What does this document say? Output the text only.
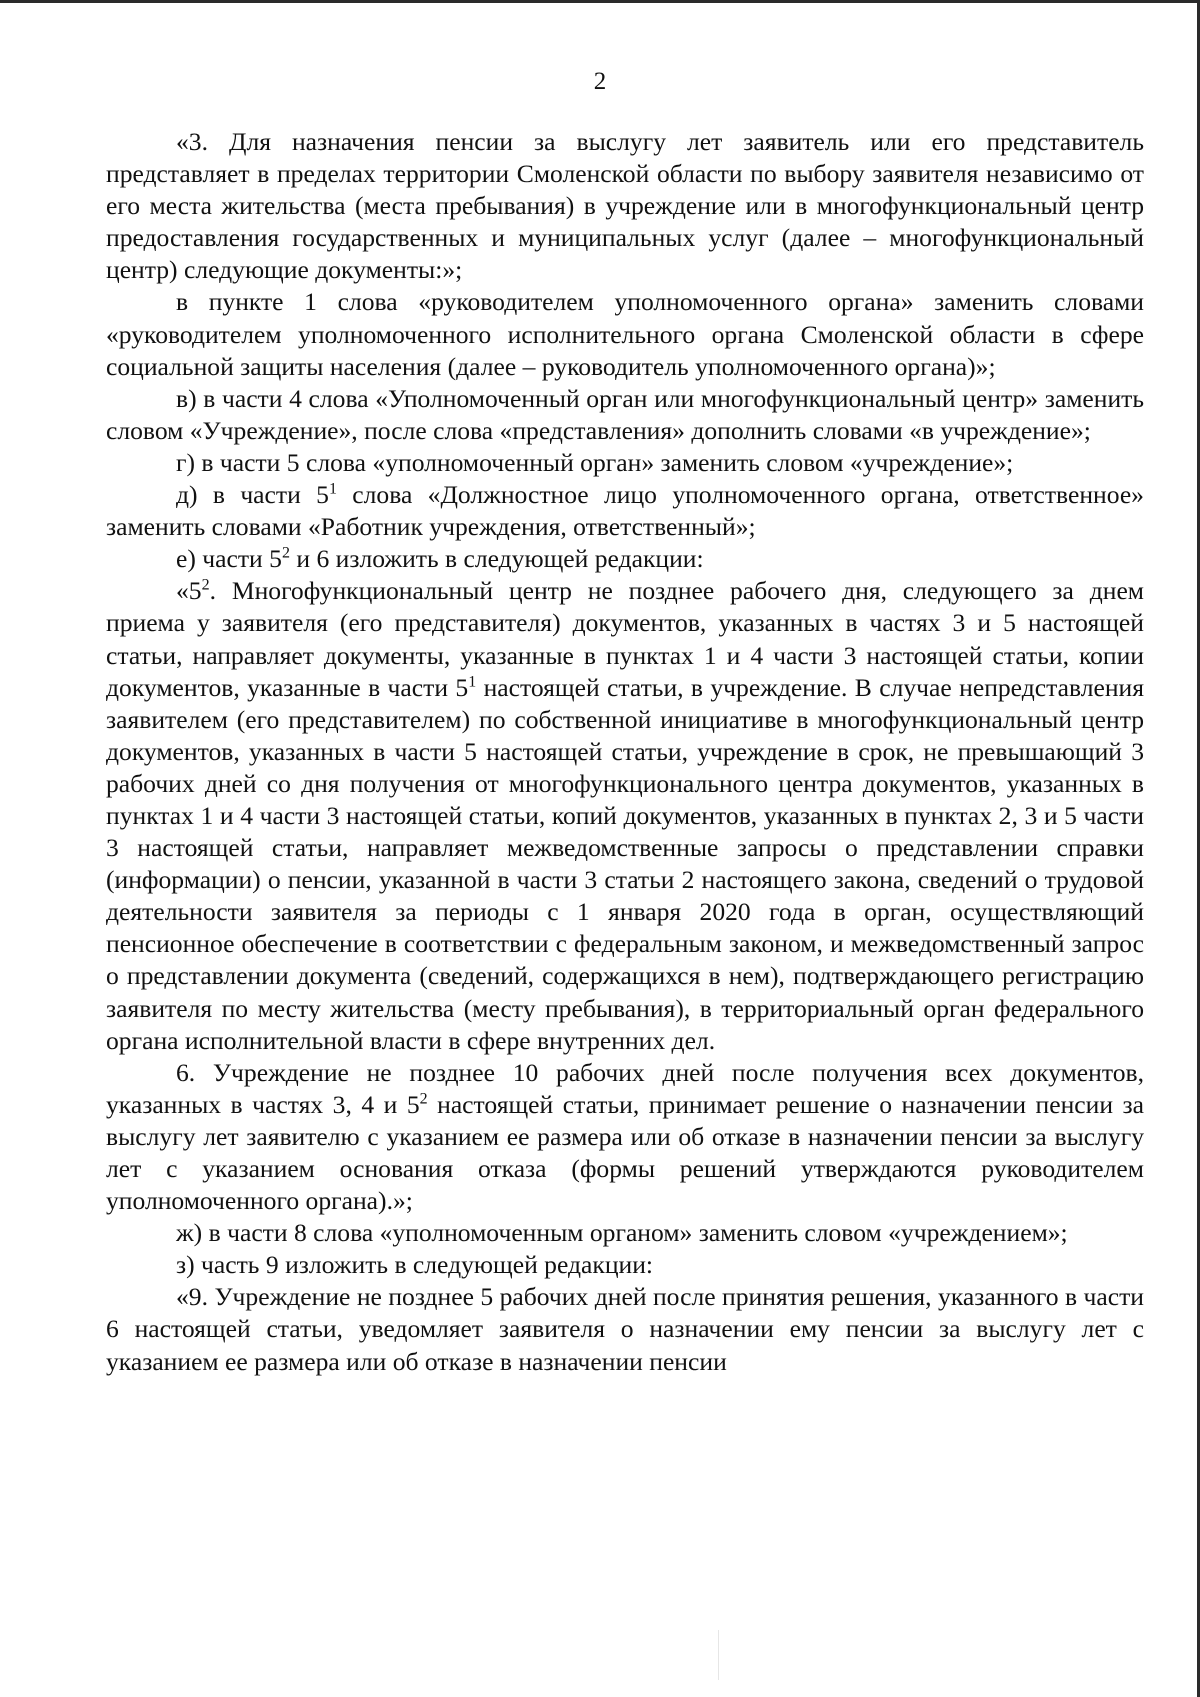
2

«3. Для назначения пенсии за выслугу лет заявитель или его представитель представляет в пределах территории Смоленской области по выбору заявителя независимо от его места жительства (места пребывания) в учреждение или в многофункциональный центр предоставления государственных и муниципальных услуг (далее – многофункциональный центр) следующие документы:»;

в пункте 1 слова «руководителем уполномоченного органа» заменить словами «руководителем уполномоченного исполнительного органа Смоленской области в сфере социальной защиты населения (далее – руководитель уполномоченного органа)»;

в) в части 4 слова «Уполномоченный орган или многофункциональный центр» заменить словом «Учреждение», после слова «представления» дополнить словами «в учреждение»;

г) в части 5 слова «уполномоченный орган» заменить словом «учреждение»;

д) в части $5^1$ слова «Должностное лицо уполномоченного органа, ответственное» заменить словами «Работник учреждения, ответственный»;

е) части $5^2$ и 6 изложить в следующей редакции:

«$5^2$. Многофункциональный центр не позднее рабочего дня, следующего за днем приема у заявителя (его представителя) документов, указанных в частях 3 и 5 настоящей статьи, направляет документы, указанные в пунктах 1 и 4 части 3 настоящей статьи, копии документов, указанные в части $5^1$ настоящей статьи, в учреждение. В случае непредставления заявителем (его представителем) по собственной инициативе в многофункциональный центр документов, указанных в части 5 настоящей статьи, учреждение в срок, не превышающий 3 рабочих дней со дня получения от многофункционального центра документов, указанных в пунктах 1 и 4 части 3 настоящей статьи, копий документов, указанных в пунктах 2, 3 и 5 части 3 настоящей статьи, направляет межведомственные запросы о представлении справки (информации) о пенсии, указанной в части 3 статьи 2 настоящего закона, сведений о трудовой деятельности заявителя за периоды с 1 января 2020 года в орган, осуществляющий пенсионное обеспечение в соответствии с федеральным законом, и межведомственный запрос о представлении документа (сведений, содержащихся в нем), подтверждающего регистрацию заявителя по месту жительства (месту пребывания), в территориальный орган федерального органа исполнительной власти в сфере внутренних дел.

6. Учреждение не позднее 10 рабочих дней после получения всех документов, указанных в частях 3, 4 и $5^2$ настоящей статьи, принимает решение о назначении пенсии за выслугу лет заявителю с указанием ее размера или об отказе в назначении пенсии за выслугу лет с указанием основания отказа (формы решений утверждаются руководителем уполномоченного органа).»;

ж) в части 8 слова «уполномоченным органом» заменить словом «учреждением»;

з) часть 9 изложить в следующей редакции:

«9. Учреждение не позднее 5 рабочих дней после принятия решения, указанного в части 6 настоящей статьи, уведомляет заявителя о назначении ему пенсии за выслугу лет с указанием ее размера или об отказе в назначении пенсии
